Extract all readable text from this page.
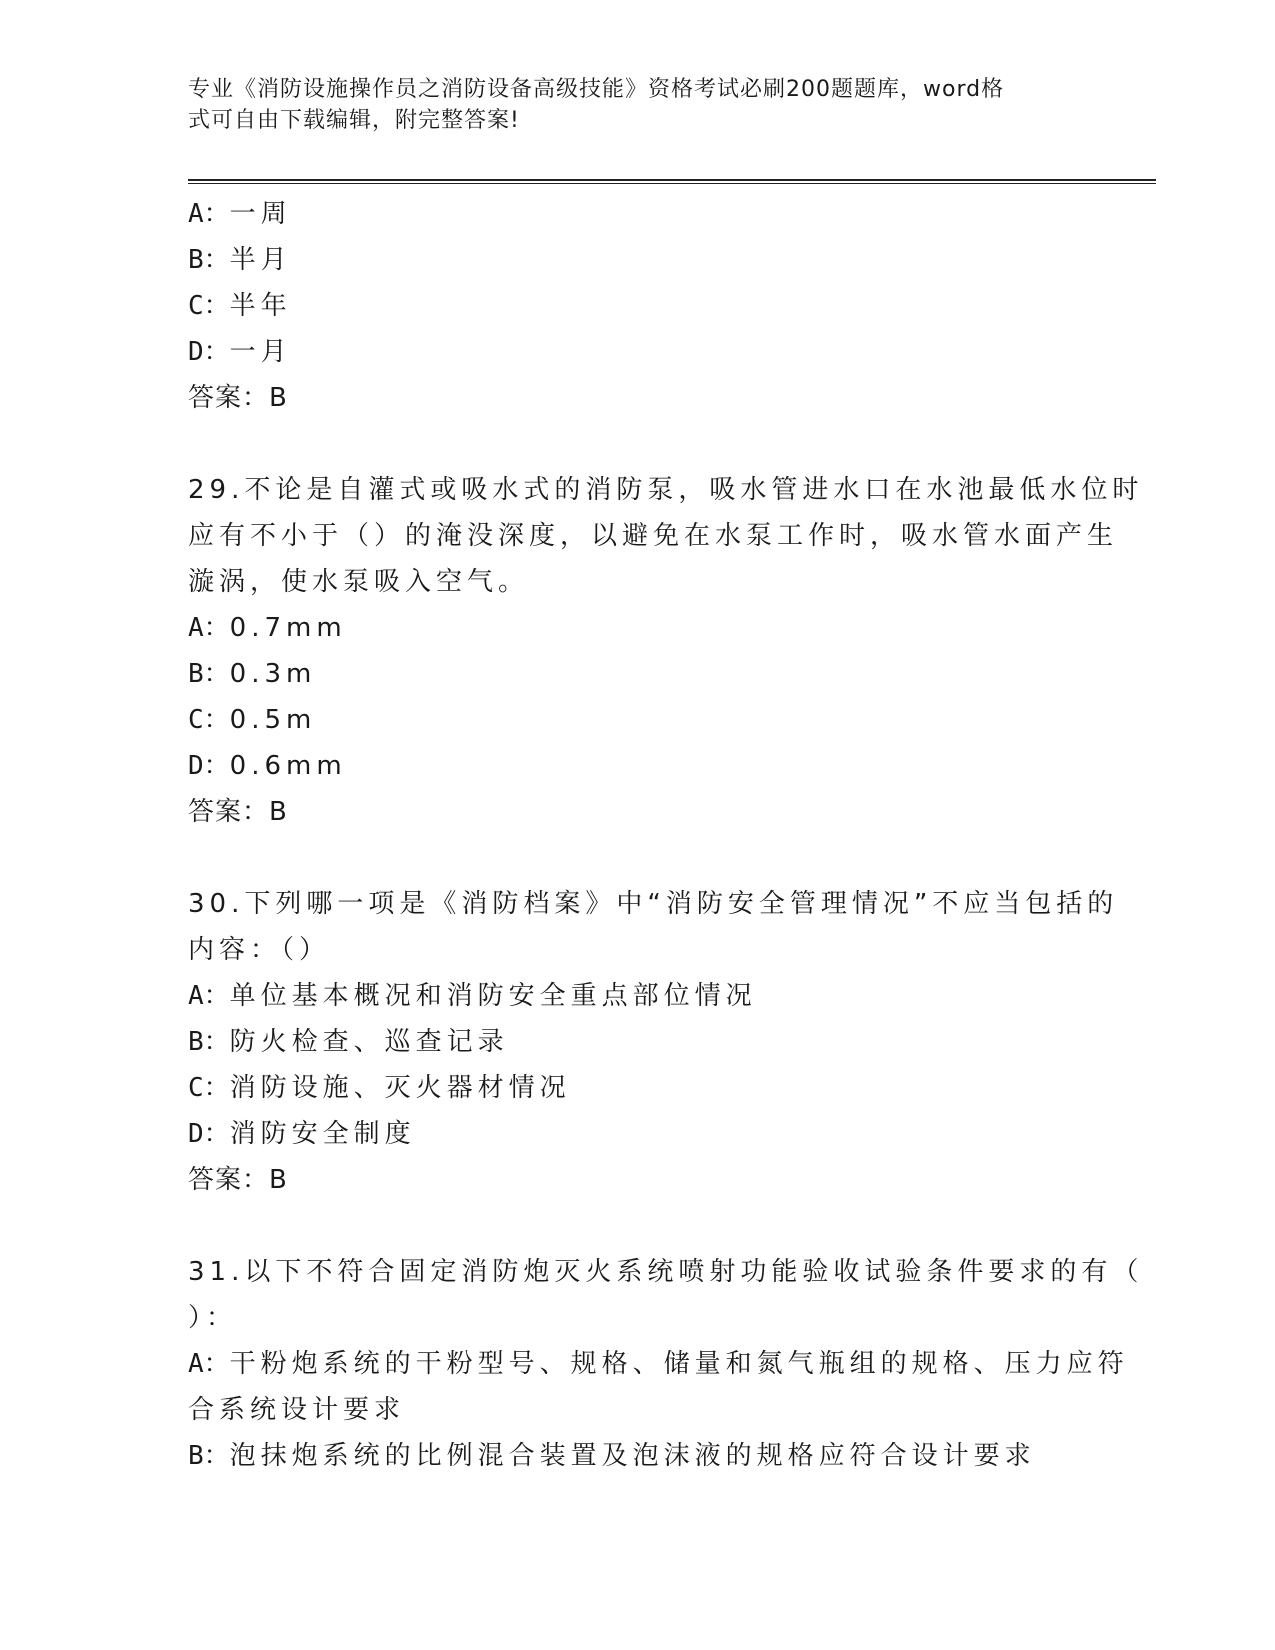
专业《消防设施操作员之消防设备高级技能》资格考试必刷200题题库，word格
式可自由下载编辑，附完整答案!
A：一周
B：半月
C：半年
D：一月
答案：B
29.不论是自灌式或吸水式的消防泵，吸水管进水口在水池最低水位时
应有不小于（）的淹没深度，以避免在水泵工作时，吸水管水面产生
漩涡，使水泵吸入空气。
A：0.7mm
B：0.3m
C：0.5m
D：0.6mm
答案：B
30.下列哪一项是《消防档案》中“消防安全管理情况”不应当包括的
内容：（）
A：单位基本概况和消防安全重点部位情况
B：防火检查、巡查记录
C：消防设施、灭火器材情况
D：消防安全制度
答案：B
31.以下不符合固定消防炮灭火系统喷射功能验收试验条件要求的有（
）：
A：干粉炮系统的干粉型号、规格、储量和氮气瓶组的规格、压力应符
合系统设计要求
B：泡抹炮系统的比例混合装置及泡沫液的规格应符合设计要求
